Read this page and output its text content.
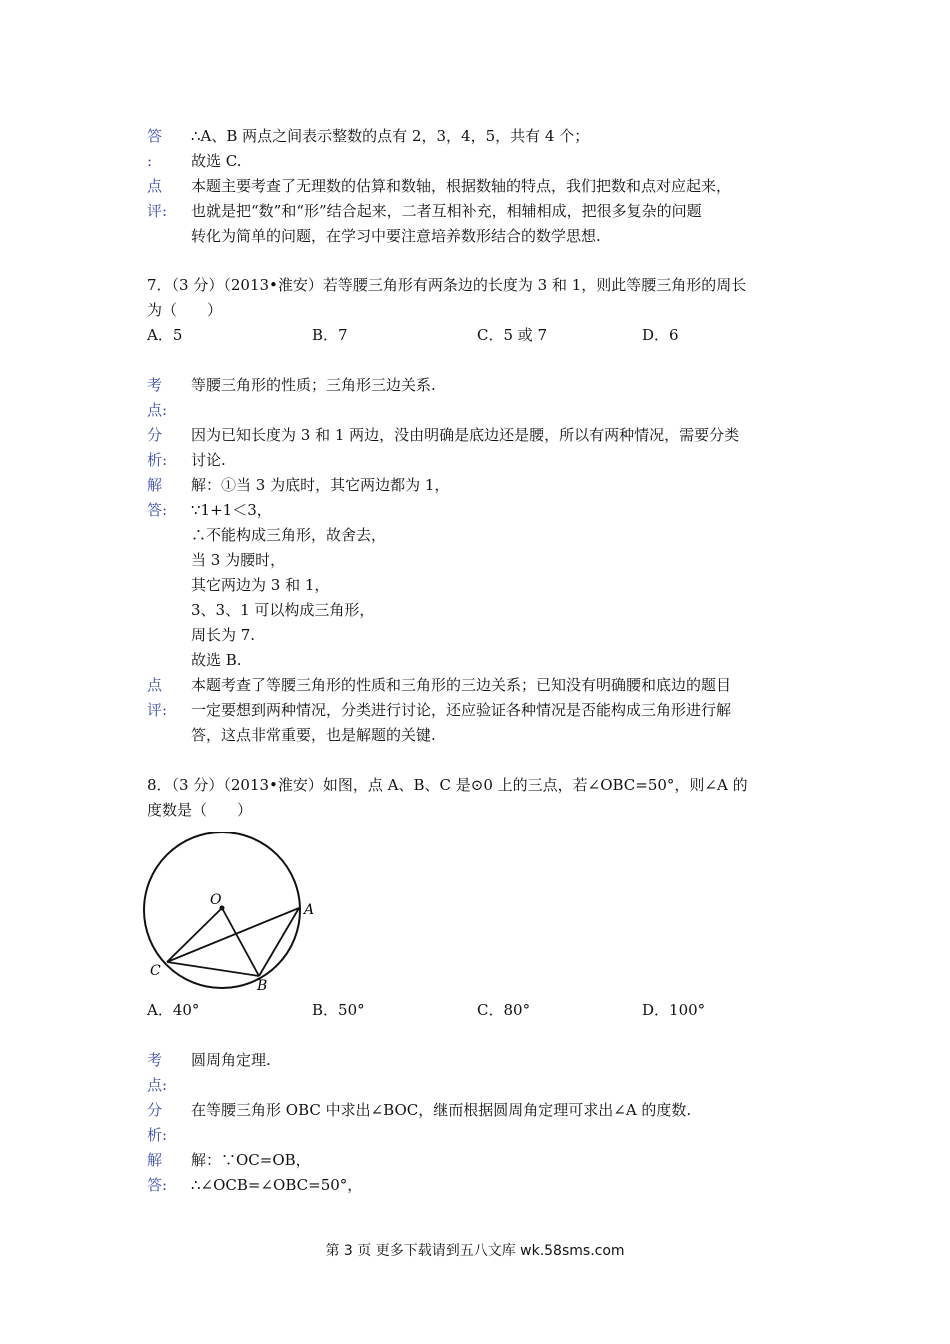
答
:
∴A、B 两点之间表示整数的点有 2，3，4，5，共有 4 个；
故选 C.
点
评:
本题主要考查了无理数的估算和数轴，根据数轴的特点，我们把数和点对应起来，
也就是把“数”和“形”结合起来，二者互相补充，相辅相成，把很多复杂的问题
转化为简单的问题，在学习中要注意培养数形结合的数学思想.
7．（3 分）（2013•淮安）若等腰三角形有两条边的长度为 3 和 1，则此等腰三角形的周长
为（　　）
A．5	B．7	C．5 或 7	D．6
考
点:
等腰三角形的性质；三角形三边关系.
分
析:
因为已知长度为 3 和 1 两边，没由明确是底边还是腰，所以有两种情况，需要分类
讨论.
解
答:
解：①当 3 为底时，其它两边都为 1，
∵1+1＜3，
∴不能构成三角形，故舍去，
当 3 为腰时，
其它两边为 3 和 1，
3、3、1 可以构成三角形，
周长为 7.
故选 B.
点
评:
本题考查了等腰三角形的性质和三角形的三边关系；已知没有明确腰和底边的题目
一定要想到两种情况，分类进行讨论，还应验证各种情况是否能构成三角形进行解
答，这点非常重要，也是解题的关键.
8．（3 分）（2013•淮安）如图，点 A、B、C 是⊙0 上的三点，若∠OBC=50°，则∠A 的
度数是（　　）
O
A
B
C
A．40°	B．50°	C．80°	D．100°
考
点:
圆周角定理.
分
析:
在等腰三角形 OBC 中求出∠BOC，继而根据圆周角定理可求出∠A 的度数.
解
答:
解：∵OC=OB，
∴∠OCB=∠OBC=50°，
第 3 页 更多下载请到五八文库 wk.58sms.com
